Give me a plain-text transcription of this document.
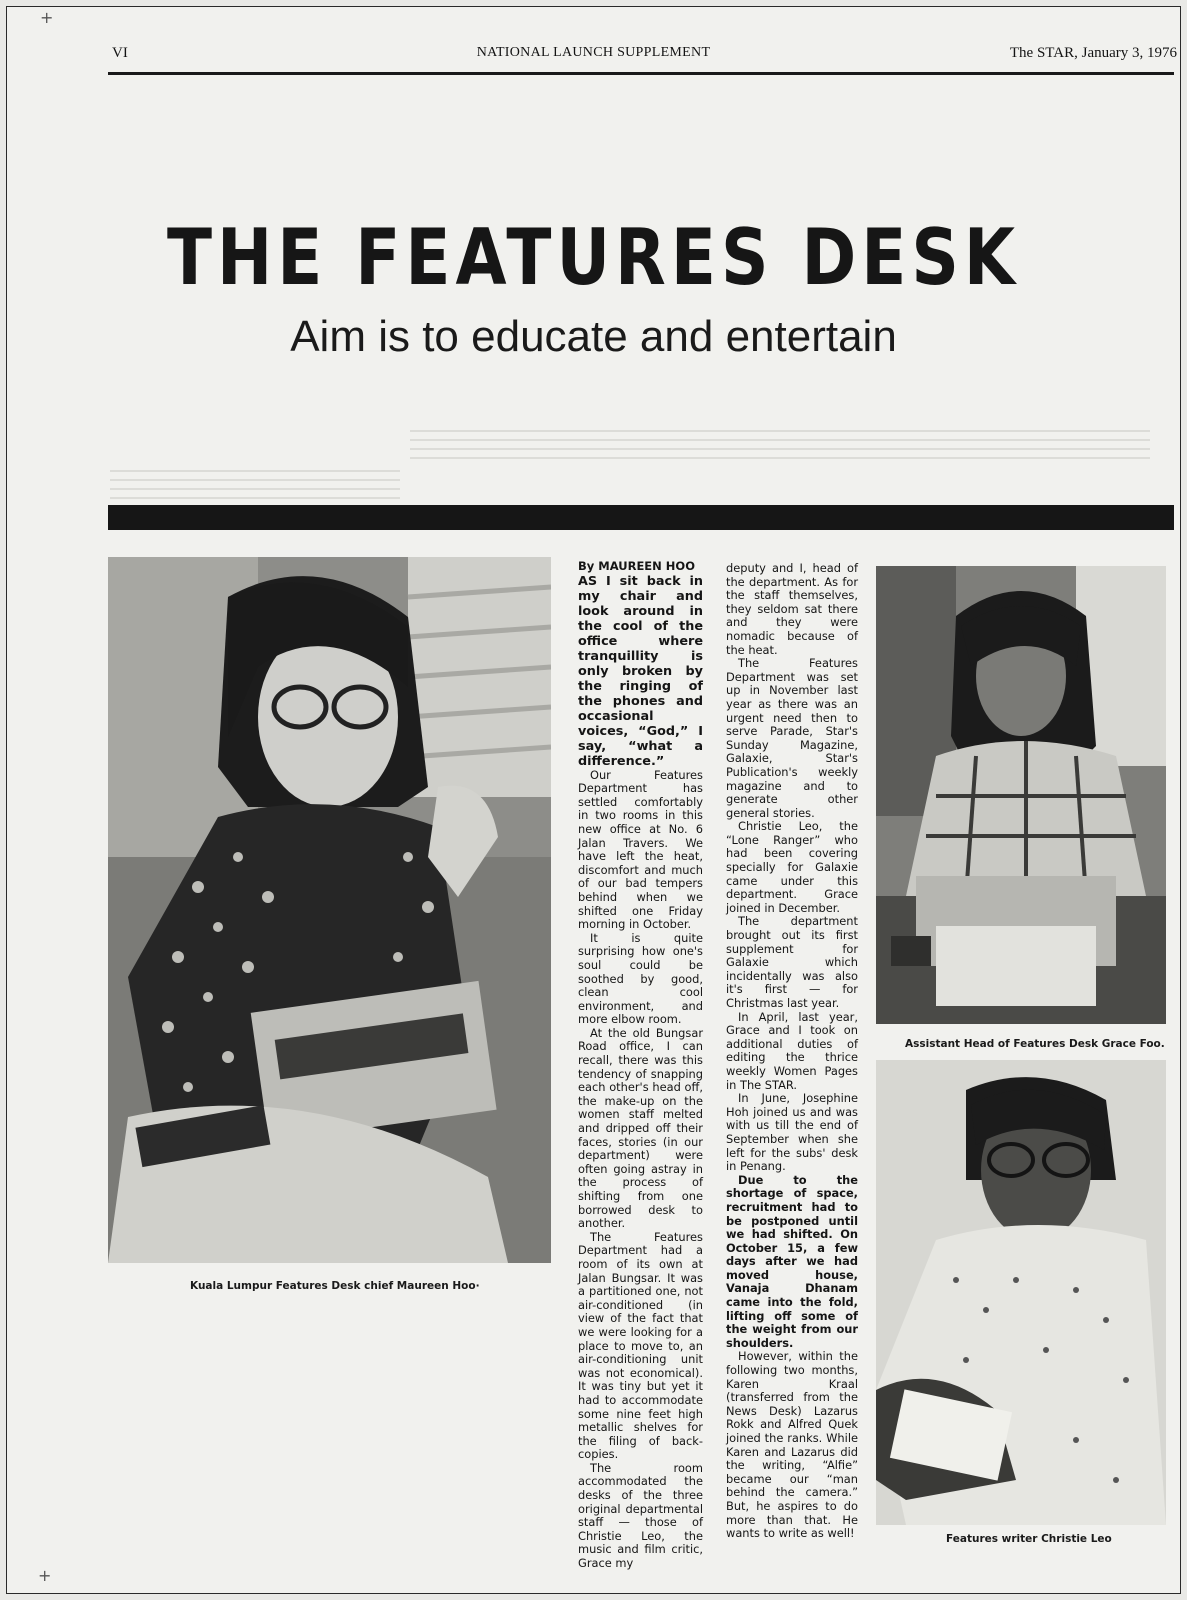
+
+
VI	NATIONAL LAUNCH SUPPLEMENT	The STAR, January 3, 1976
THE FEATURES DESK
Aim is to educate and entertain
Kuala Lumpur Features Desk chief Maureen Hoo·

By MAUREEN HOO

AS I sit back in my chair and look around in the cool of the office where tranquillity is only broken by the ringing of the phones and occasional voices, “God,” I say, “what a difference.”

Our Features Department has settled comfortably in two rooms in this new office at No. 6 Jalan Travers. We have left the heat, discomfort and much of our bad tempers behind when we shifted one Friday morning in October.

It is quite surprising how one's soul could be soothed by good, clean cool environment, and more elbow room.

At the old Bungsar Road office, I can recall, there was this tendency of snapping each other's head off, the make-up on the women staff melted and dripped off their faces, stories (in our department) were often going astray in the process of shifting from one borrowed desk to another.

The Features Department had a room of its own at Jalan Bungsar. It was a partitioned one, not air-conditioned (in view of the fact that we were looking for a place to move to, an air-conditioning unit was not economical). It was tiny but yet it had to accommodate some nine feet high metallic shelves for the filing of back-copies.

The room accommodated the desks of the three original departmental staff — those of Christie Leo, the music and film critic, Grace my

deputy and I, head of the department. As for the staff themselves, they seldom sat there and they were nomadic because of the heat.

The Features Department was set up in November last year as there was an urgent need then to serve Parade, Star's Sunday Magazine, Galaxie, Star's Publication's weekly magazine and to generate other general stories.

Christie Leo, the “Lone Ranger” who had been covering specially for Galaxie came under this department. Grace joined in December.

The department brought out its first supplement for Galaxie which incidentally was also it's first — for Christmas last year.

In April, last year, Grace and I took on additional duties of editing the thrice weekly Women Pages in The STAR.

In June, Josephine Hoh joined us and was with us till the end of September when she left for the subs' desk in Penang.

Due to the shortage of space, recruitment had to be postponed until we had shifted. On October 15, a few days after we had moved house, Vanaja Dhanam came into the fold, lifting off some of the weight from our shoulders.

However, within the following two months, Karen Kraal (transferred from the News Desk) Lazarus Rokk and Alfred Quek joined the ranks. While Karen and Lazarus did the writing, “Alfie” became our “man behind the camera.” But, he aspires to do more than that. He wants to write as well!

Assistant Head of Features Desk Grace Foo.
Features writer Christie Leo
